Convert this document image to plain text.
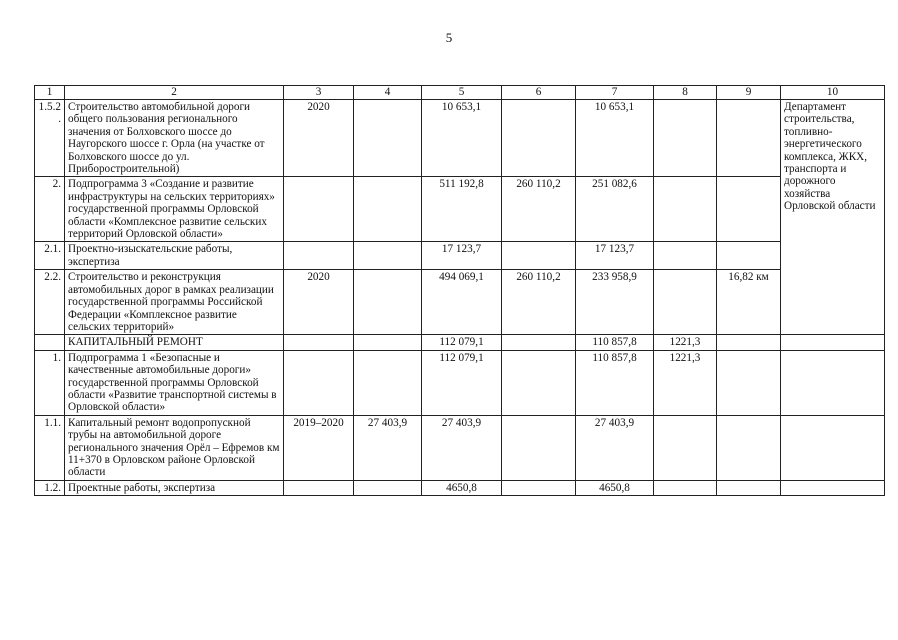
5
1	2	3	4	5	6	7	8	9	10
1.5.2.	Строительство автомобильной дороги общего пользования регионального значения от Болховского шоссе до Наугорского шоссе г. Орла (на участке от Болховского шоссе до ул. Приборостроительной)	2020		10 653,1		10 653,1			Департамент строительства, топливно-энергетического комплекса, ЖКХ, транспорта и дорожного хозяйства Орловской области
2.	Подпрограмма 3 «Создание и развитие инфраструктуры на сельских территориях» государственной программы Орловской области «Комплексное развитие сельских территорий Орловской области»			511 192,8	260 110,2	251 082,6			
2.1.	Проектно-изыскательские работы, экспертиза			17 123,7		17 123,7			
2.2.	Строительство и реконструкция автомобильных дорог в рамках реализации государственной программы Российской Федерации «Комплексное развитие сельских территорий»	2020		494 069,1	260 110,2	233 958,9		16,82 км	
	КАПИТАЛЬНЫЙ РЕМОНТ			112 079,1		110 857,8	1221,3		
1.	Подпрограмма 1 «Безопасные и качественные автомобильные дороги» государственной программы Орловской области «Развитие транспортной системы в Орловской области»			112 079,1		110 857,8	1221,3		
1.1.	Капитальный ремонт водопропускной трубы на автомобильной дороге регионального значения Орёл – Ефремов км 11+370 в Орловском районе Орловской области	2019–2020	27 403,9	27 403,9		27 403,9			
1.2.	Проектные работы, экспертиза			4650,8		4650,8			
